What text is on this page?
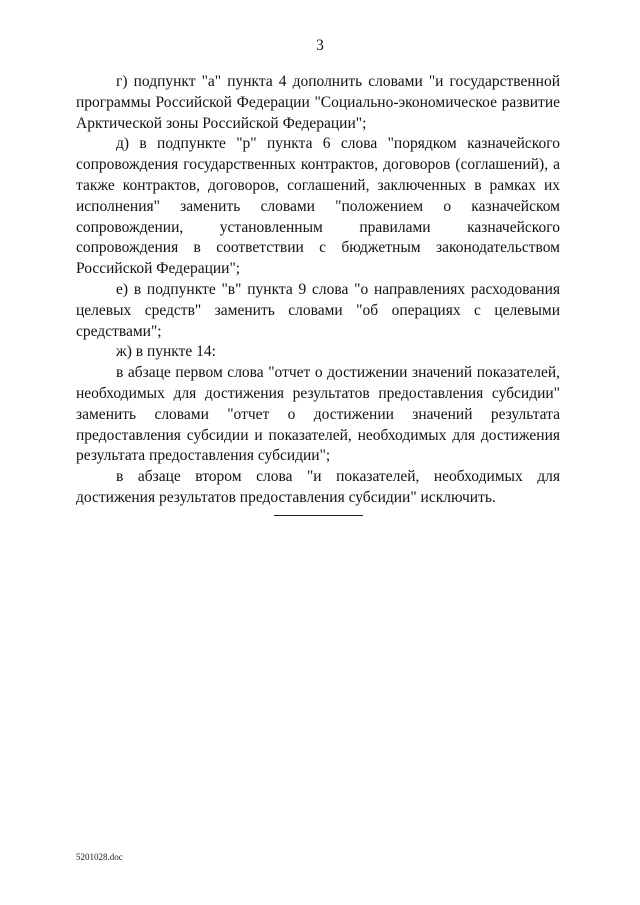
3

г) подпункт "а" пункта 4 дополнить словами "и государственной программы Российской Федерации "Социально-экономическое развитие Арктической зоны Российской Федерации";

д) в подпункте "р" пункта 6 слова "порядком казначейского сопровождения государственных контрактов, договоров (соглашений), а также контрактов, договоров, соглашений, заключенных в рамках их исполнения" заменить словами "положением о казначейском сопровождении, установленным правилами казначейского сопровождения в соответствии с бюджетным законодательством Российской Федерации";

е) в подпункте "в" пункта 9 слова "о направлениях расходования целевых средств" заменить словами "об операциях с целевыми средствами";

ж) в пункте 14:

в абзаце первом слова "отчет о достижении значений показателей, необходимых для достижения результатов предоставления субсидии" заменить словами "отчет о достижении значений результата предоставления субсидии и показателей, необходимых для достижения результата предоставления субсидии";

в абзаце втором слова "и показателей, необходимых для достижения результатов предоставления субсидии" исключить.

5201028.doc
